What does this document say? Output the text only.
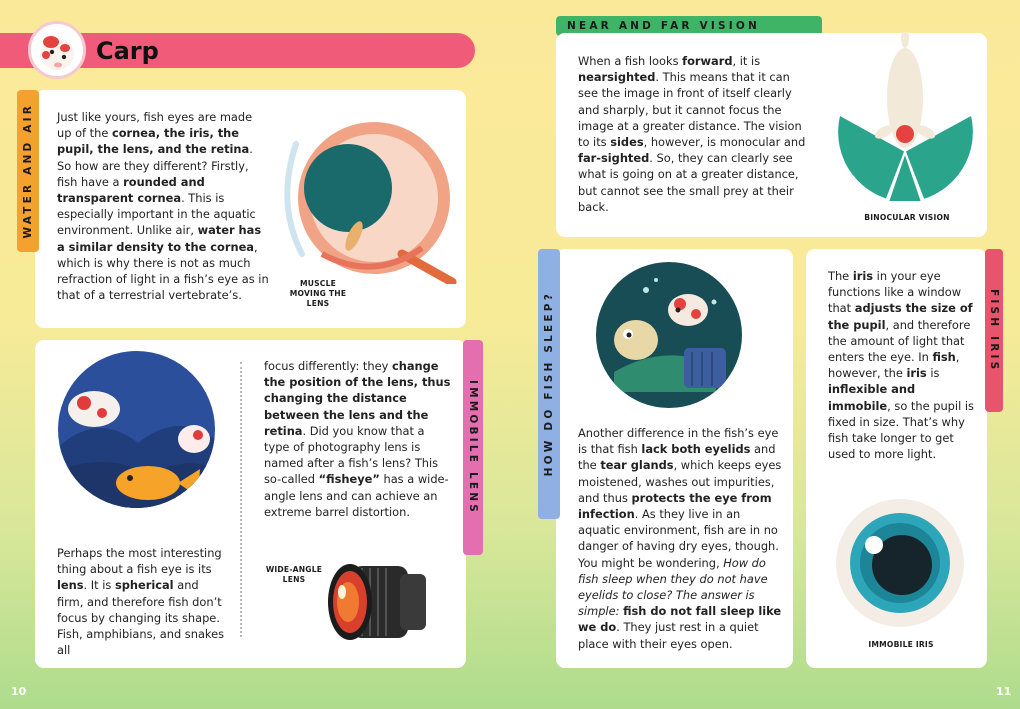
Carp
WATER AND AIR Just like yours, fish eyes are made up of the cornea, the iris, the pupil, the lens, and the retina. So how are they different? Firstly, fish have a rounded and transparent cornea. This is especially important in the aquatic environment. Unlike air, water has a similar density to the cornea, which is why there is not as much refraction of light in a fish’s eye as in that of a terrestrial vertebrate’s.
MUSCLE MOVING THE LENS
IMMOBILE LENS
Perhaps the most interesting thing about a fish eye is its lens. It is spherical and firm, and therefore fish don’t focus by changing its shape. Fish, amphibians, and snakes all
focus differently: they change the position of the lens, thus changing the distance between the lens and the retina. Did you know that a type of photography lens is named after a fish’s lens? This so-called “fisheye” has a wide-angle lens and can achieve an extreme barrel distortion.
WIDE-ANGLE LENS
NEAR AND FAR VISION
When a fish looks forward, it is nearsighted. This means that it can see the image in front of itself clearly and sharply, but it cannot focus the image at a greater distance. The vision to its sides, however, is monocular and far-sighted. So, they can clearly see what is going on at a greater distance, but cannot see the small prey at their back.
BINOCULAR VISION
HOW DO FISH SLEEP? Another difference in the fish’s eye is that fish lack both eyelids and the tear glands, which keeps eyes moistened, washes out impurities, and thus protects the eye from infection. As they live in an aquatic environment, fish are in no danger of having dry eyes, though. You might be wondering, How do fish sleep when they do not have eyelids to close? The answer is simple: fish do not fall sleep like we do. They just rest in a quiet place with their eyes open.
FISH IRIS
The iris in your eye functions like a window that adjusts the size of the pupil, and therefore the amount of light that enters the eye. In fish, however, the iris is inflexible and immobile, so the pupil is fixed in size. That’s why fish take longer to get used to more light.
IMMOBILE IRIS
10	11
